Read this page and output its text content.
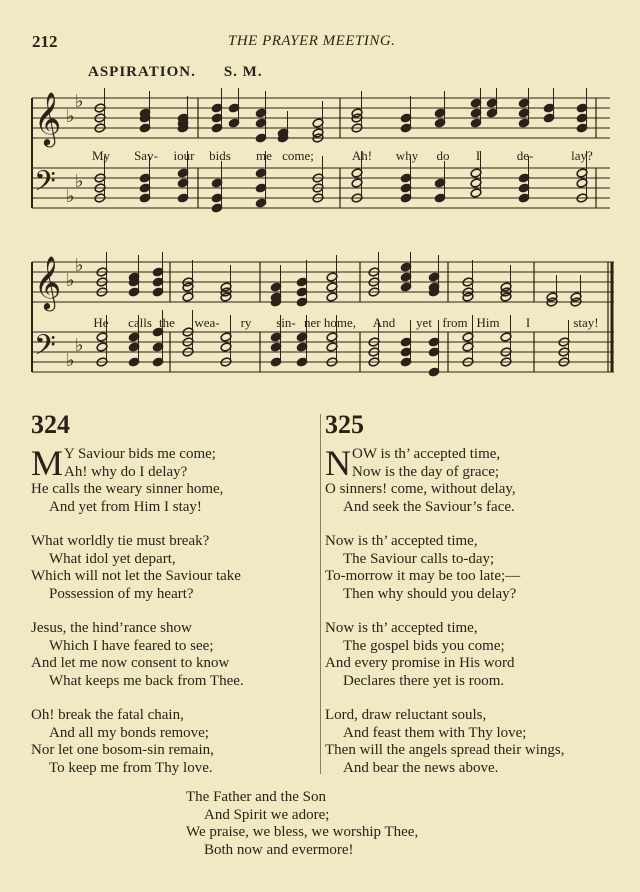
212	THE PRAYER MEETING.
ASPIRATION. S. M.
𝄞 ♭
♭
𝄢 ♭
♭
My Sav- iour bids me come;	Ah! why do I	de-	lay?
𝄞 ♭
♭
𝄢 ♭
♭
He calls the wea- ry sin- ner home, And yet from Him I	stay!
324
M Y Saviour bids me come;
Ah! why do I delay?
He calls the weary sinner home,
And yet from Him I stay!
What worldly tie must break?
What idol yet depart,
Which will not let the Saviour take
Possession of my heart?
Jesus, the hind’rance show
Which I have feared to see;
And let me now consent to know
What keeps me back from Thee.
Oh! break the fatal chain,
And all my bonds remove;
Nor let one bosom-sin remain,
To keep me from Thy love.
325
NOW is th’ accepted time,
Now is the day of grace;
O sinners! come, without delay,
And seek the Saviour’s face.
Now is th’ accepted time,
The Saviour calls to-day;
To-morrow it may be too late;—
Then why should you delay?
Now is th’ accepted time,
The gospel bids you come;
And every promise in His word
Declares there yet is room.
Lord, draw reluctant souls,
And feast them with Thy love;
Then will the angels spread their wings,
And bear the news above.
The Father and the Son
And Spirit we adore;
We praise, we bless, we worship Thee,
Both now and evermore!
